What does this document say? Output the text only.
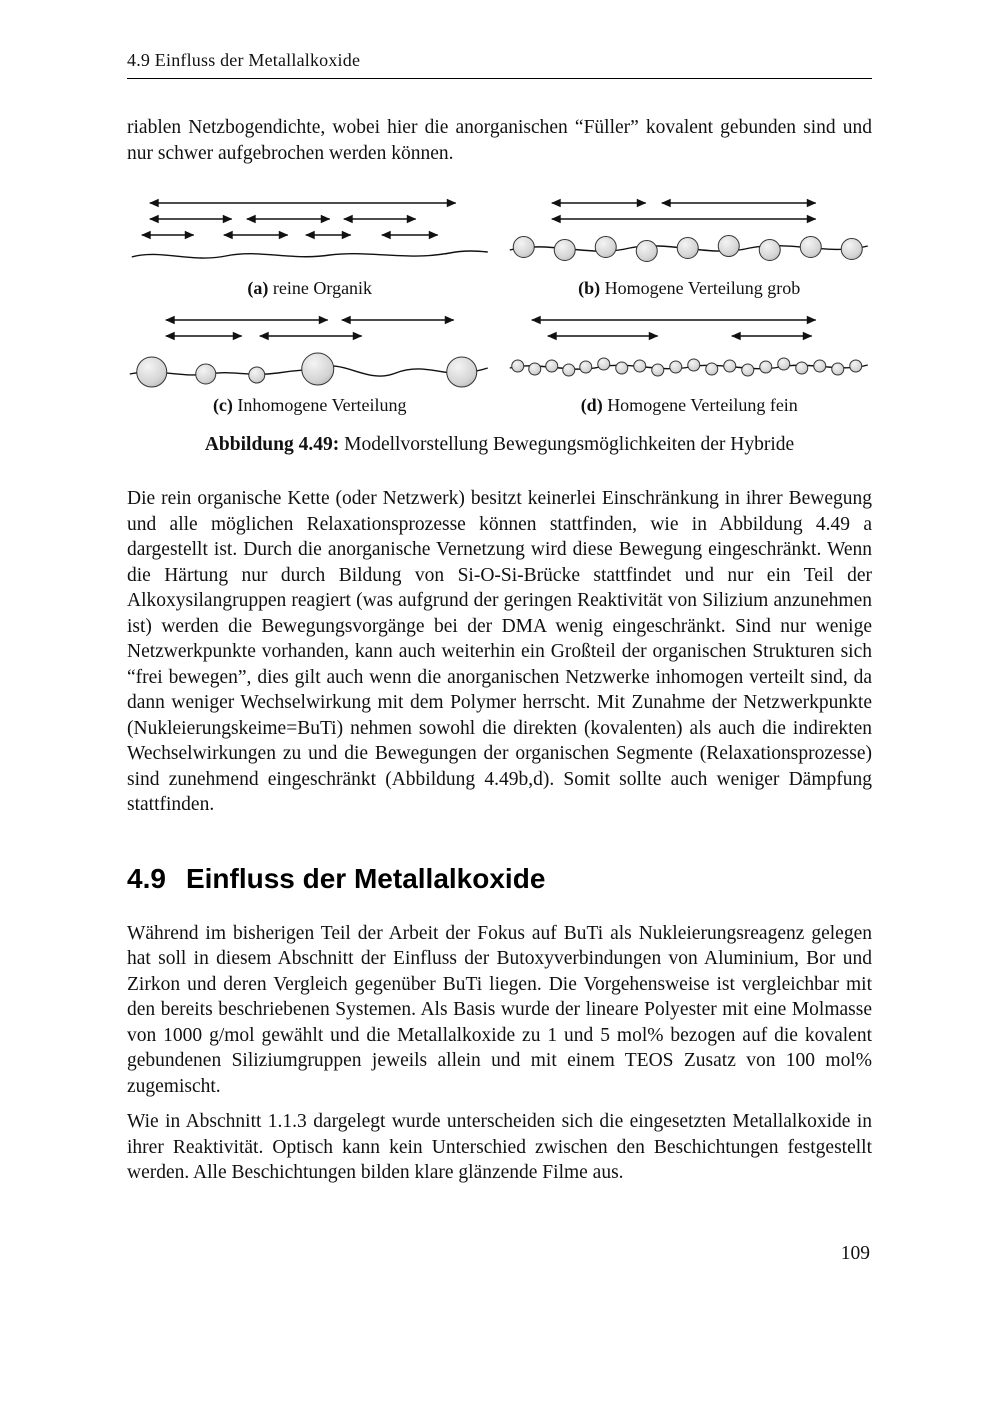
4.9 Einfluss der Metallalkoxide

riablen Netzbogendichte, wobei hier die anorganischen “Füller” kovalent gebunden sind und nur schwer aufgebrochen werden können.

(a) reine Organik	(b) Homogene Verteilung grob
(c) Inhomogene Verteilung	(d) Homogene Verteilung fein
Abbildung 4.49: Modellvorstellung Bewegungsmöglichkeiten der Hybride

Die rein organische Kette (oder Netzwerk) besitzt keinerlei Einschränkung in ihrer Bewegung und alle möglichen Relaxationsprozesse können stattfinden, wie in Abbildung 4.49 a dargestellt ist. Durch die anorganische Vernetzung wird diese Bewegung eingeschränkt. Wenn die Härtung nur durch Bildung von Si-O-Si-Brücke stattfindet und nur ein Teil der Alkoxysilangruppen reagiert (was aufgrund der geringen Reaktivität von Silizium anzunehmen ist) werden die Bewegungsvorgänge bei der DMA wenig eingeschränkt. Sind nur wenige Netzwerkpunkte vorhanden, kann auch weiterhin ein Großteil der organischen Strukturen sich “frei bewegen”, dies gilt auch wenn die anorganischen Netzwerke inhomogen verteilt sind, da dann weniger Wechselwirkung mit dem Polymer herrscht. Mit Zunahme der Netzwerkpunkte (Nukleierungskeime=BuTi) nehmen sowohl die direkten (kovalenten) als auch die indirekten Wechselwirkungen zu und die Bewegungen der organischen Segmente (Relaxationsprozesse) sind zunehmend eingeschränkt (Abbildung 4.49b,d). Somit sollte auch weniger Dämpfung stattfinden.

4.9 Einfluss der Metallalkoxide

Während im bisherigen Teil der Arbeit der Fokus auf BuTi als Nukleierungsreagenz gelegen hat soll in diesem Abschnitt der Einfluss der Butoxyverbindungen von Aluminium, Bor und Zirkon und deren Vergleich gegenüber BuTi liegen. Die Vorgehensweise ist vergleichbar mit den bereits beschriebenen Systemen. Als Basis wurde der lineare Polyester mit eine Molmasse von 1000 g/mol gewählt und die Metallalkoxide zu 1 und 5 mol% bezogen auf die kovalent gebundenen Siliziumgruppen jeweils allein und mit einem TEOS Zusatz von 100 mol% zugemischt.

Wie in Abschnitt 1.1.3 dargelegt wurde unterscheiden sich die eingesetzten Metallalkoxide in ihrer Reaktivität. Optisch kann kein Unterschied zwischen den Beschichtungen festgestellt werden. Alle Beschichtungen bilden klare glänzende Filme aus.

109
